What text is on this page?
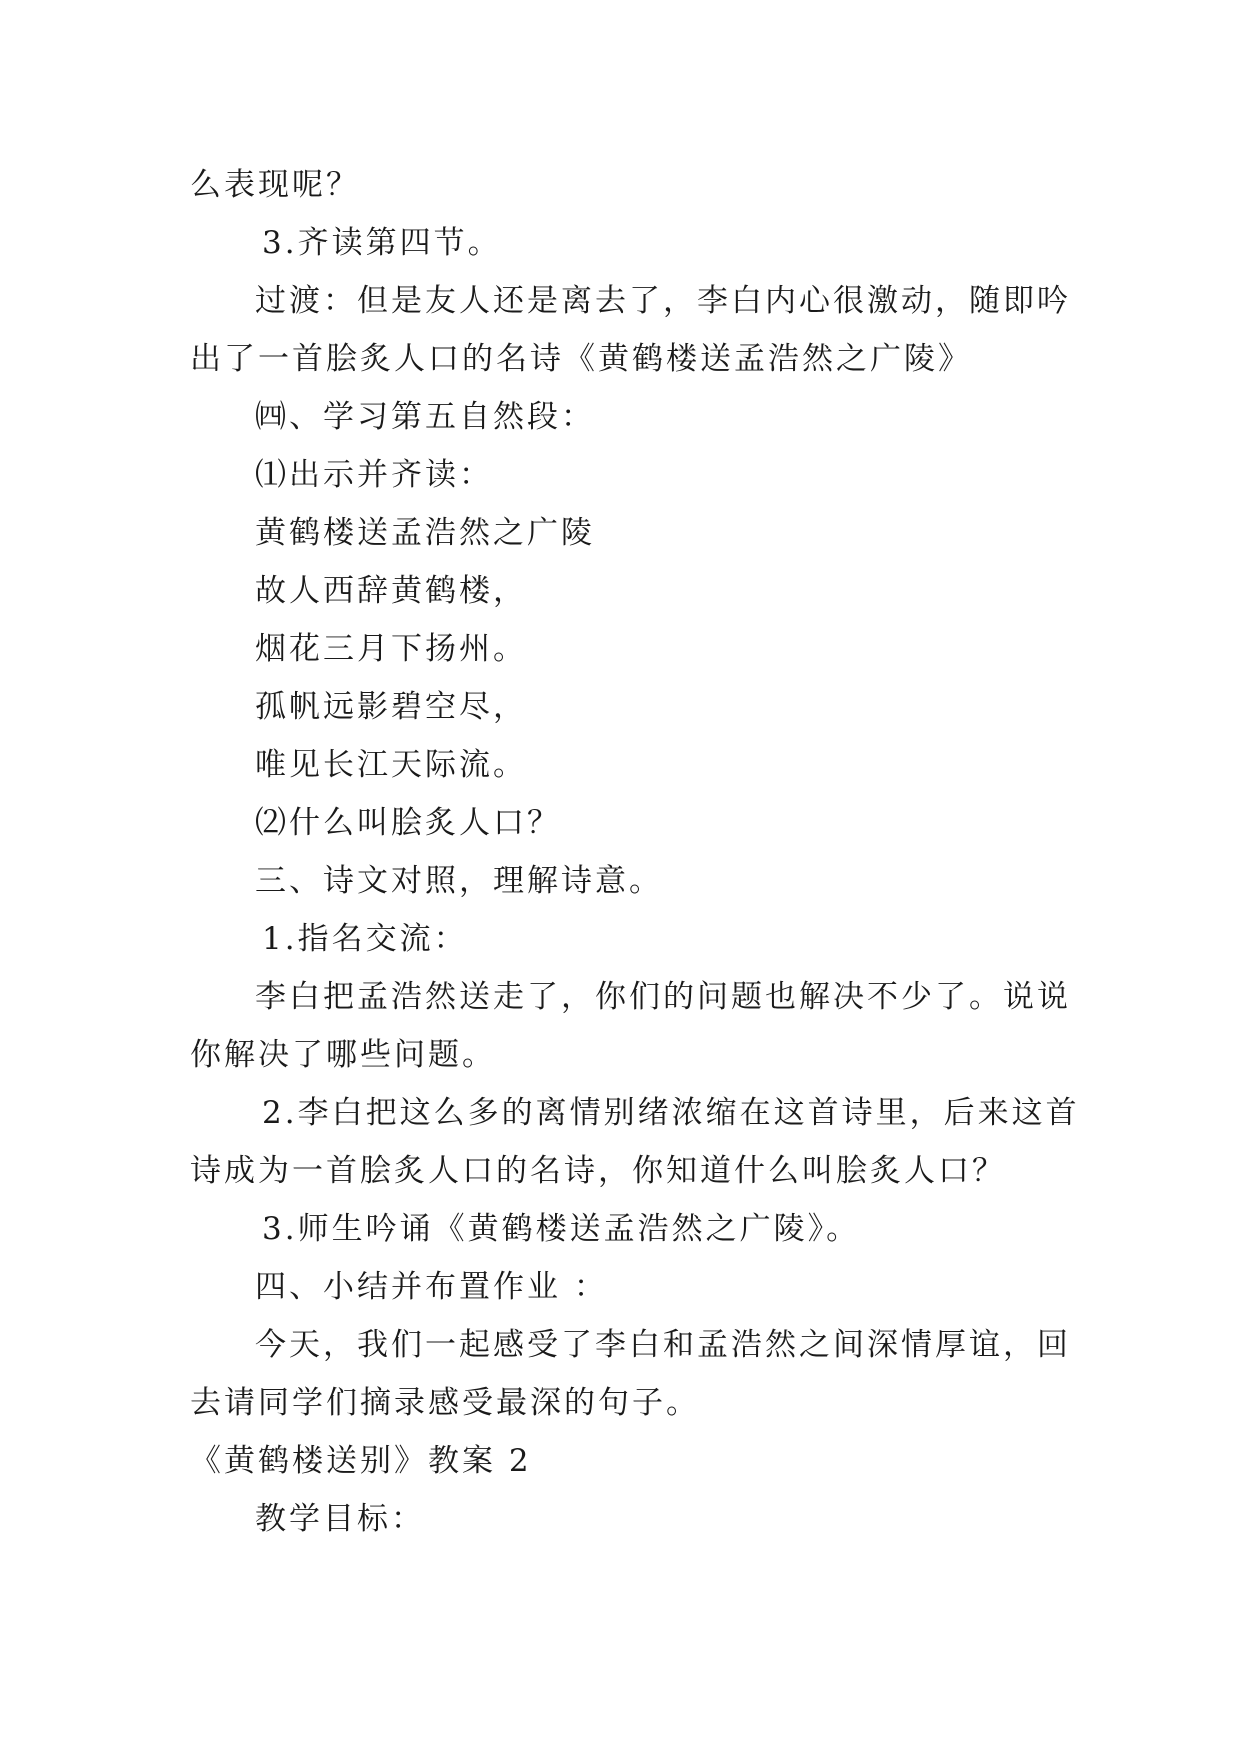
么表现呢？
3.齐读第四节。
过渡：但是友人还是离去了，李白内心很激动，随即吟
出了一首脍炙人口的名诗《黄鹤楼送孟浩然之广陵》
㈣、学习第五自然段：
⑴出示并齐读：
黄鹤楼送孟浩然之广陵
故人西辞黄鹤楼，
烟花三月下扬州。
孤帆远影碧空尽，
唯见长江天际流。
⑵什么叫脍炙人口？
三、诗文对照，理解诗意。
1.指名交流：
李白把孟浩然送走了，你们的问题也解决不少了。说说
你解决了哪些问题。
2.李白把这么多的离情别绪浓缩在这首诗里，后来这首
诗成为一首脍炙人口的名诗，你知道什么叫脍炙人口？
3.师生吟诵《黄鹤楼送孟浩然之广陵》。
四、小结并布置作业 ：
今天，我们一起感受了李白和孟浩然之间深情厚谊，回
去请同学们摘录感受最深的句子。
《黄鹤楼送别》教案 2
教学目标：
